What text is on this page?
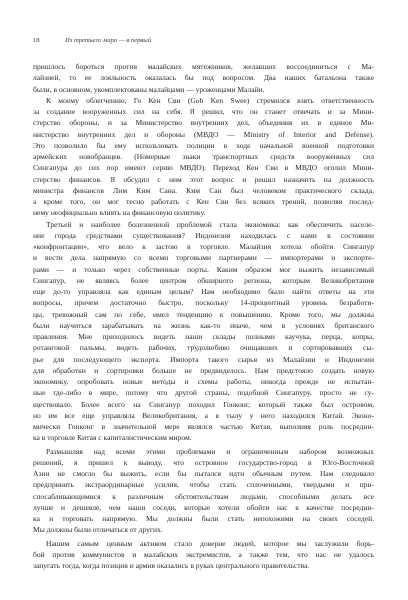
18	Из третьего мира — в первый
пришлось бороться против малайских мятежников, желавших воссоединиться с Ма-
лайзией, то ее лояльность оказалась бы под вопросом. Два наших батальона также
были, в основном, укомплектованы малайцами — уроженцами Малайи.
К моему облегчению, Го Кен Сви (Goh Ken Swee) стремился взять ответственность
за создание вооруженных сил на себя. Я решил, что он станет отвечать и за Мини-
стерство обороны, и за Министерство внутренних дел, объединив их в единое Ми-
нистерство внутренних дел и обороны (МВДО — Ministry of Interior and Defense).
Это позволило бы ему использовать полиции в ходе начальной военной подготовки
армейских новобранцев. (Номерные знаки транспортных средств вооруженных сил
Сингапура до сих пор имеют серию МВДО). Переход Кен Сви в МВДО оголил Мини-
стерство финансов. Я обсудил с ним этот вопрос и решил назначить на должность
министра финансов Лим Ким Сана. Ким Сан был человеком практического склада,
а кроме того, он мог тесно работать с Кен Сви без всяких трений, позволяя послед-
нему неофициально влиять на финансовую политику.
Третьей и наиболее болезненной проблемой стала экономика: как обеспечить населе-
ние города средствами существования? Индонезия находилась с нами в состоянии
«конфронтации», что вело к застою в торговле. Малайзия хотела обойти Сингапур
и вести дела напрямую со всеми торговыми партнерами — импортерами и экспорте-
рами — и только через собственные порты. Каким образом мог выжить независимый
Сингапур, не являясь более центром обширного региона, которым Великобритания
еще до-то управляла как единым целым? Нам необходимо было найти ответы на эти
вопросы, причем достаточно быстро, поскольку 14-процентный уровень безработи-
цы, тревожный сам по себе, имел тенденцию к повышению. Кроме того, мы должны
были научиться зарабатывать на жизнь как-то иначе, чем в условиях британского
правления. Мне приходилось видеть наши склады полными каучука, перца, копры,
ротанговой пальмы, видеть рабочих, трудолюбиво очищавших и сортировавших сы-
рье для последующего экспорта. Импорта такого сырья из Малайзии и Индонезии
для обработки и сортировки больше не предвиделось. Нам предстояло создать новую
экономику, опробовать новые методы и схемы работы, никогда прежде не испытан-
ные где-либо в мире, потому что другой страны, подобной Сингапуру, просто не су-
ществовало. Более всего на Сингапур походил Гонконг, который также был островом,
но им все еще управляла Великобритания, а в тылу у него находился Китай. Эконо-
мически Гонконг в значительной мере являлся частью Китая, выполняя роль посредни-
ка в торговле Китая с капиталистическим миром.
Размышляя над всеми этими проблемами и ограниченным набором возможных
решений, я пришел к выводу, что островное государство-город в Юго-Восточной
Азии не смогло бы выжить, если бы пытался идти обычным путем. Нам следовало
предпринять экстраординарные усилия, чтобы стать сплоченными, твердыми и при-
спосабливающимися к различным обстоятельствам людьми, способными делать все
лучше и дешевле, чем наши соседи, которые хотели обойти нас в качестве посредни-
ка и торговать напрямую. Мы должны были стать непохожими на своих соседей.
Мы должны были отличаться от других.
Нашим самым ценным активом стало доверие людей, которое мы заслужили борь-
бой против коммунистов и малайских экстремистов, а также тем, что нас не удалось
запугать тогда, когда позиция и армия оказались в руках центрального правительства.
